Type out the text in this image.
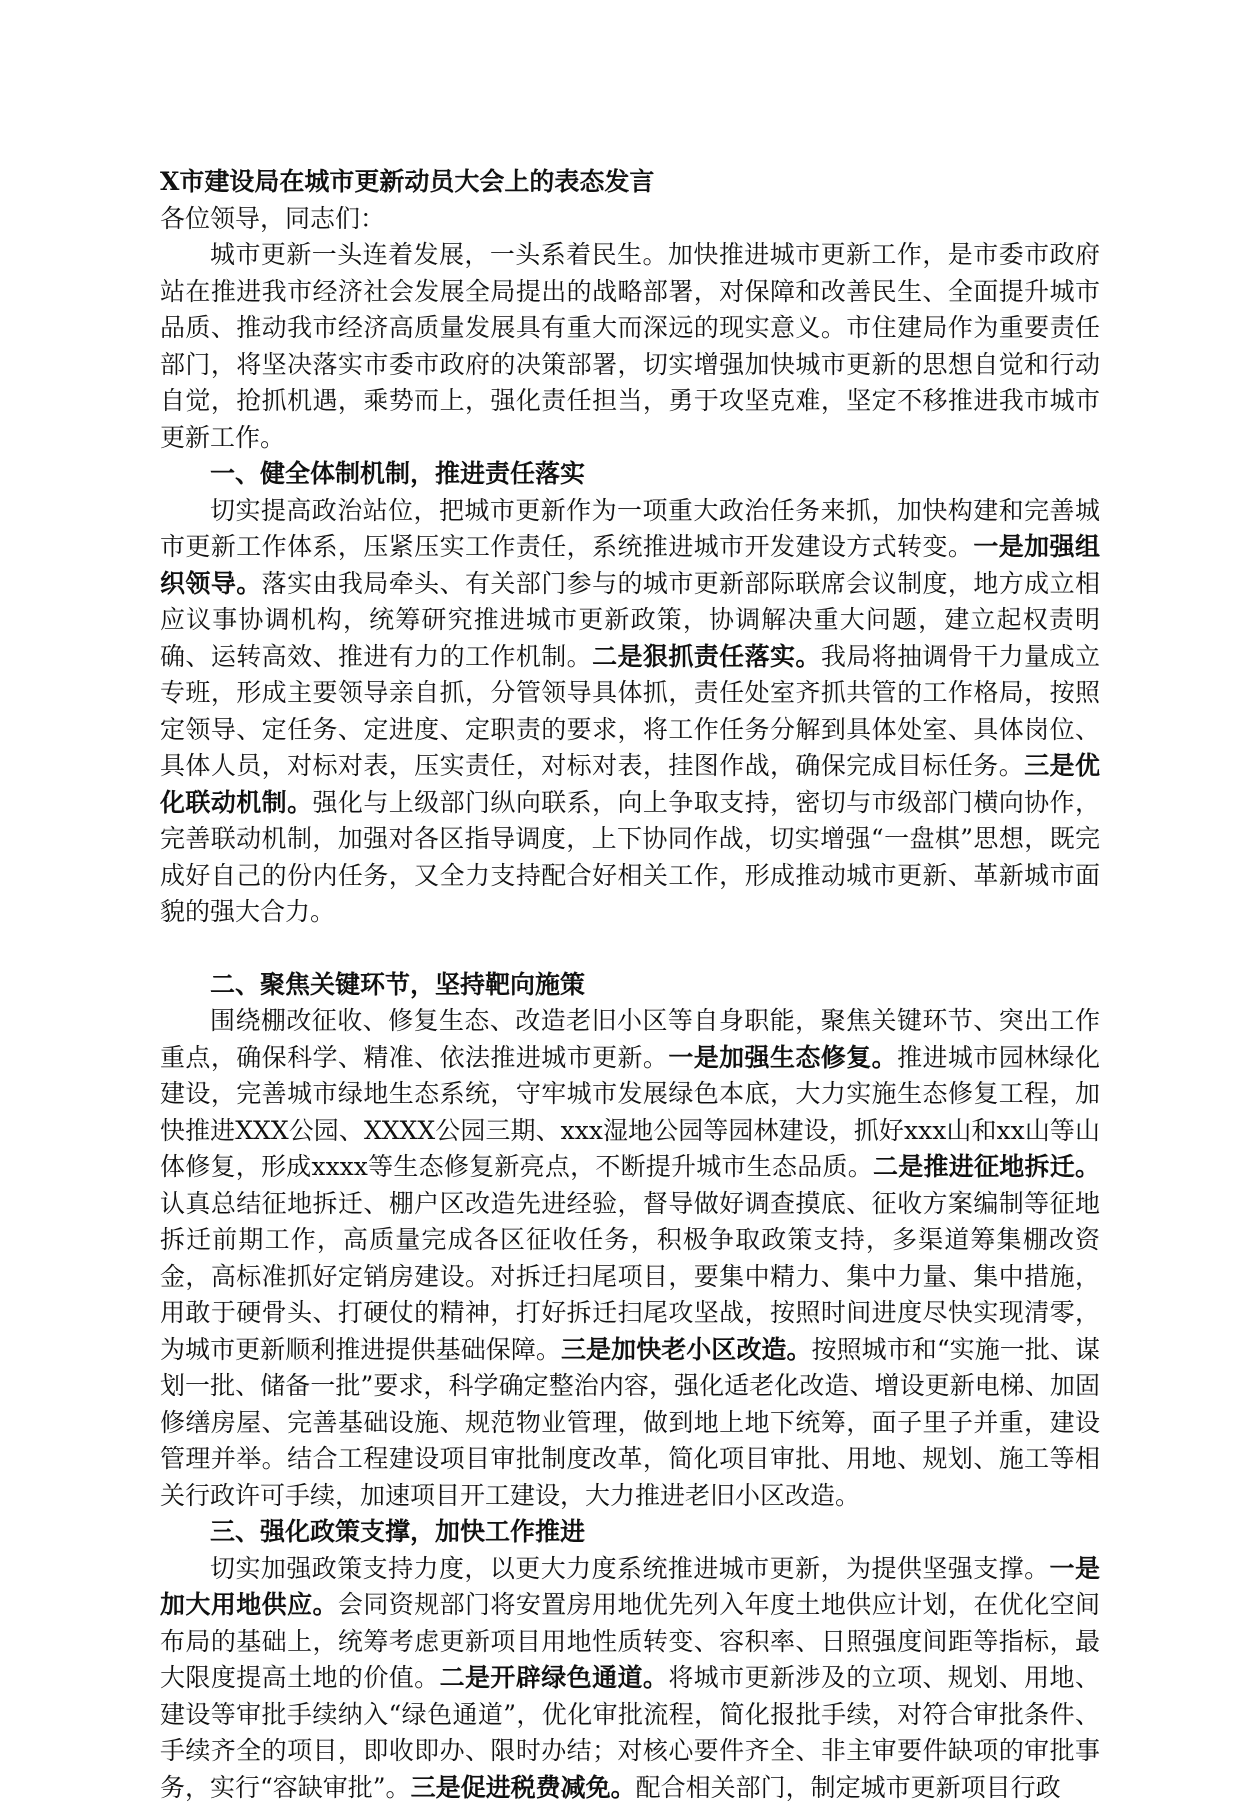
X市建设局在城市更新动员大会上的表态发言

各位领导，同志们：

城市更新一头连着发展，一头系着民生。加快推进城市更新工作，是市委市政府站在推进我市经济社会发展全局提出的战略部署，对保障和改善民生、全面提升城市品质、推动我市经济高质量发展具有重大而深远的现实意义。市住建局作为重要责任部门，将坚决落实市委市政府的决策部署，切实增强加快城市更新的思想自觉和行动自觉，抢抓机遇，乘势而上，强化责任担当，勇于攻坚克难，坚定不移推进我市城市更新工作。

一、健全体制机制，推进责任落实

切实提高政治站位，把城市更新作为一项重大政治任务来抓，加快构建和完善城市更新工作体系，压紧压实工作责任，系统推进城市开发建设方式转变。一是加强组织领导。落实由我局牵头、有关部门参与的城市更新部际联席会议制度，地方成立相应议事协调机构，统筹研究推进城市更新政策，协调解决重大问题，建立起权责明确、运转高效、推进有力的工作机制。二是狠抓责任落实。我局将抽调骨干力量成立专班，形成主要领导亲自抓，分管领导具体抓，责任处室齐抓共管的工作格局，按照定领导、定任务、定进度、定职责的要求，将工作任务分解到具体处室、具体岗位、具体人员，对标对表，压实责任，对标对表，挂图作战，确保完成目标任务。三是优化联动机制。强化与上级部门纵向联系，向上争取支持，密切与市级部门横向协作，完善联动机制，加强对各区指导调度，上下协同作战，切实增强“一盘棋”思想，既完成好自己的份内任务，又全力支持配合好相关工作，形成推动城市更新、革新城市面貌的强大合力。

二、聚焦关键环节，坚持靶向施策

围绕棚改征收、修复生态、改造老旧小区等自身职能，聚焦关键环节、突出工作重点，确保科学、精准、依法推进城市更新。一是加强生态修复。推进城市园林绿化建设，完善城市绿地生态系统，守牢城市发展绿色本底，大力实施生态修复工程，加快推进XXX公园、XXXX公园三期、xxx湿地公园等园林建设，抓好xxx山和xx山等山体修复，形成xxxx等生态修复新亮点，不断提升城市生态品质。二是推进征地拆迁。认真总结征地拆迁、棚户区改造先进经验，督导做好调查摸底、征收方案编制等征地拆迁前期工作，高质量完成各区征收任务，积极争取政策支持，多渠道筹集棚改资金，高标准抓好定销房建设。对拆迁扫尾项目，要集中精力、集中力量、集中措施，用敢于硬骨头、打硬仗的精神，打好拆迁扫尾攻坚战，按照时间进度尽快实现清零，为城市更新顺利推进提供基础保障。三是加快老小区改造。按照城市和“实施一批、谋划一批、储备一批”要求，科学确定整治内容，强化适老化改造、增设更新电梯、加固修缮房屋、完善基础设施、规范物业管理，做到地上地下统筹，面子里子并重，建设管理并举。结合工程建设项目审批制度改革，简化项目审批、用地、规划、施工等相关行政许可手续，加速项目开工建设，大力推进老旧小区改造。

三、强化政策支撑，加快工作推进

切实加强政策支持力度，以更大力度系统推进城市更新，为提供坚强支撑。一是加大用地供应。会同资规部门将安置房用地优先列入年度土地供应计划，在优化空间布局的基础上，统筹考虑更新项目用地性质转变、容积率、日照强度间距等指标，最大限度提高土地的价值。二是开辟绿色通道。将城市更新涉及的立项、规划、用地、建设等审批手续纳入“绿色通道”，优化审批流程，简化报批手续，对符合审批条件、手续齐全的项目，即收即办、限时办结；对核心要件齐全、非主审要件缺项的审批事务，实行“容缺审批”。三是促进税费减免。配合相关部门，制定城市更新项目行政
